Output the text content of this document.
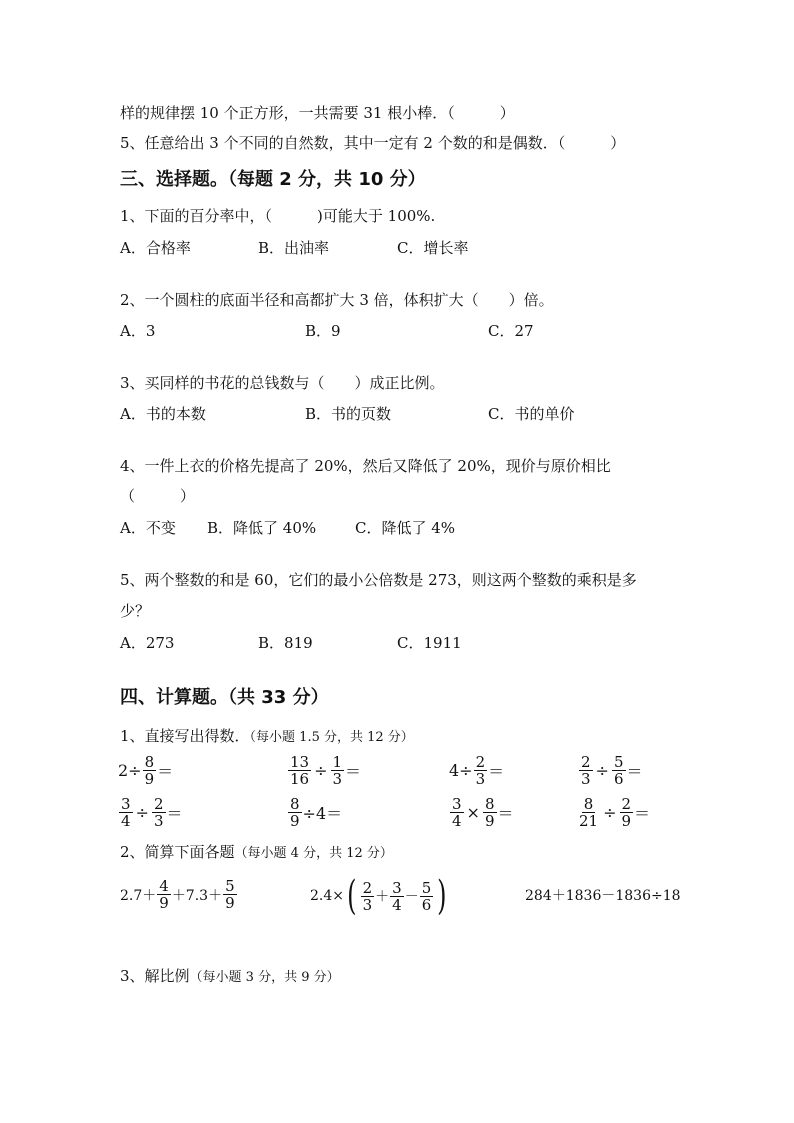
样的规律摆 10 个正方形，一共需要 31 根小棒．（　　　）
5、任意给出 3 个不同的自然数，其中一定有 2 个数的和是偶数．（　　　）
三、选择题。（每题 2 分，共 10 分）
1、下面的百分率中，（　　　)可能大于 100%.
A．合格率	B．出油率	C．增长率
2、一个圆柱的底面半径和高都扩大 3 倍，体积扩大（　　）倍。
A．3	B．9	C．27
3、买同样的书花的总钱数与（　　）成正比例。
A．书的本数	B．书的页数	C．书的单价
4、一件上衣的价格先提高了 20%，然后又降低了 20%，现价与原价相比
（　　　）
A．不变 B．降低了 40%	C．降低了 4%
5、两个整数的和是 60，它们的最小公倍数是 273，则这两个整数的乘积是多
少？
A．273	B．819	C．1911
四、计算题。（共 33 分）
1、直接写出得数．（每小题 1.5 分，共 12 分）
$2\div \frac{8}{9}$ ＝	$\frac{13}{16} \div \frac{1}{3}$ ＝	$4\div \frac{2}{3}$ ＝	$\frac{2}{3} \div \frac{5}{6}$ ＝
$\frac{3}{4} \div \frac{2}{3}$ ＝	$\frac{8}{9} \div 4=$	$\frac{3}{4} \times \frac{8}{9}$ ＝	$\frac{8}{21} \div \frac{2}{9}$ ＝
2、简算下面各题（每小题 4 分，共 12 分）
$2.7+ \frac{4}{9} +7.3+ \frac{5}{9}$	2.4× ( $\frac{2}{3} + \frac{3}{4} - \frac{5}{6}$ )	284＋1836－1836÷18
3、解比例（每小题 3 分，共 9 分）
